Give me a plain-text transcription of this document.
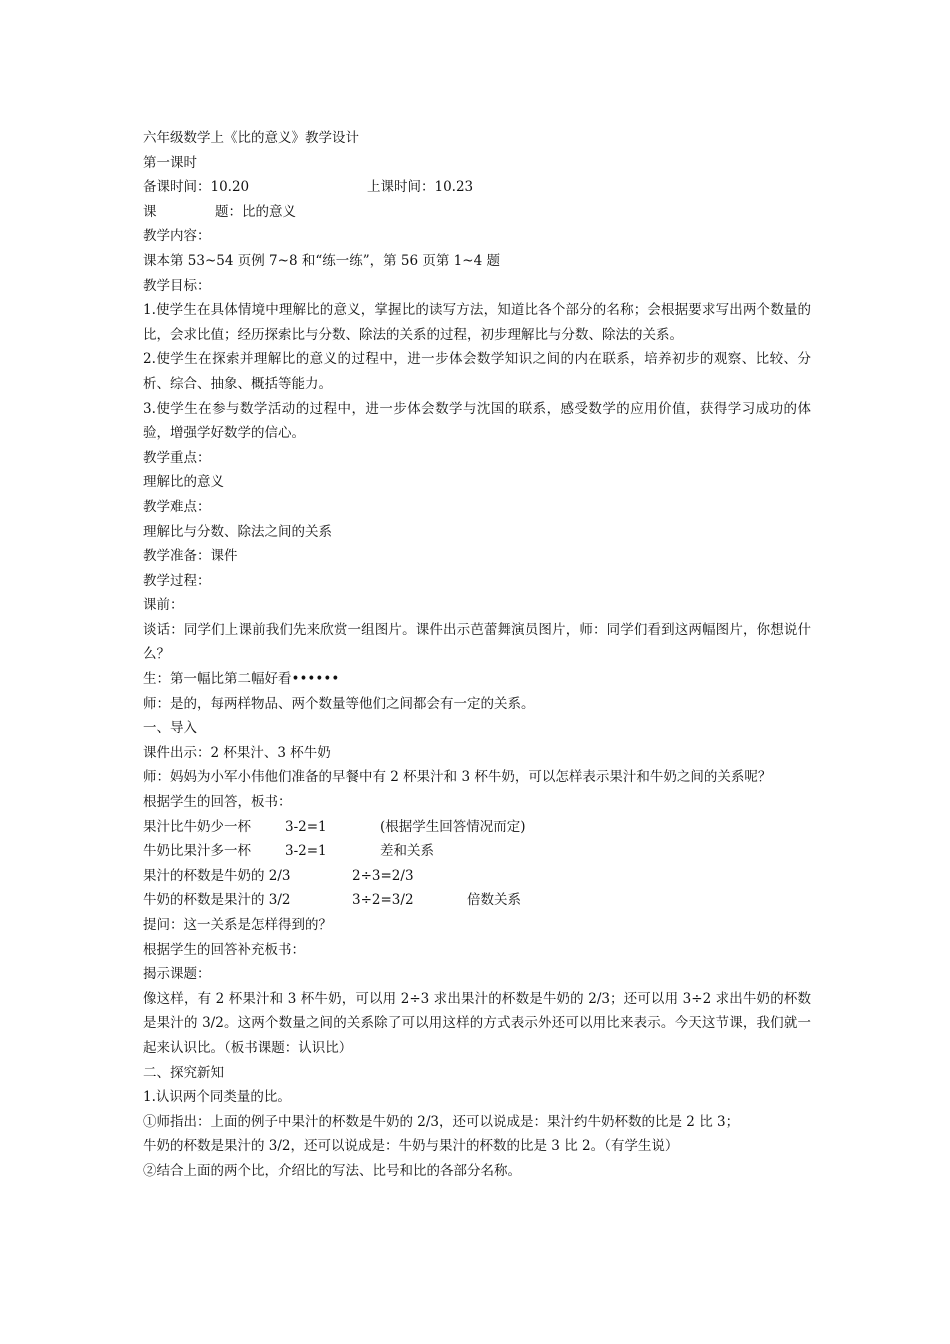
六年级数学上《比的意义》教学设计

第一课时

备课时间：10.20	上课时间：10.23
课	题：比的意义

教学内容：

课本第 53~54 页例 7~8 和“练一练”，第 56 页第 1~4 题

教学目标：

1.使学生在具体情境中理解比的意义，掌握比的读写方法，知道比各个部分的名称；会根据要求写出两个数量的比，会求比值；经历探索比与分数、除法的关系的过程，初步理解比与分数、除法的关系。

2.使学生在探索并理解比的意义的过程中，进一步体会数学知识之间的内在联系，培养初步的观察、比较、分析、综合、抽象、概括等能力。

3.使学生在参与数学活动的过程中，进一步体会数学与沈国的联系，感受数学的应用价值，获得学习成功的体验，增强学好数学的信心。

教学重点：

理解比的意义

教学难点：

理解比与分数、除法之间的关系

教学准备：课件

教学过程：

课前：

谈话：同学们上课前我们先来欣赏一组图片。课件出示芭蕾舞演员图片，师：同学们看到这两幅图片，你想说什么？

生：第一幅比第二幅好看••••••

师：是的，每两样物品、两个数量等他们之间都会有一定的关系。

一、导入

课件出示：2 杯果汁、3 杯牛奶

师：妈妈为小军小伟他们准备的早餐中有 2 杯果汁和 3 杯牛奶，可以怎样表示果汁和牛奶之间的关系呢？

根据学生的回答，板书：

果汁比牛奶少一杯	3-2=1	(根据学生回答情况而定)
牛奶比果汁多一杯	3-2=1	差和关系
果汁的杯数是牛奶的 2/3	2÷3=2/3
牛奶的杯数是果汁的 3/2	3÷2=3/2	倍数关系

提问：这一关系是怎样得到的？

根据学生的回答补充板书：

揭示课题：

像这样，有 2 杯果汁和 3 杯牛奶，可以用 2÷3 求出果汁的杯数是牛奶的 2/3；还可以用 3÷2 求出牛奶的杯数是果汁的 3/2。这两个数量之间的关系除了可以用这样的方式表示外还可以用比来表示。今天这节课，我们就一起来认识比。（板书课题：认识比）

二、探究新知

1.认识两个同类量的比。

①师指出：上面的例子中果汁的杯数是牛奶的 2/3，还可以说成是：果汁约牛奶杯数的比是 2 比 3；

牛奶的杯数是果汁的 3/2，还可以说成是：牛奶与果汁的杯数的比是 3 比 2。（有学生说）

②结合上面的两个比，介绍比的写法、比号和比的各部分名称。
